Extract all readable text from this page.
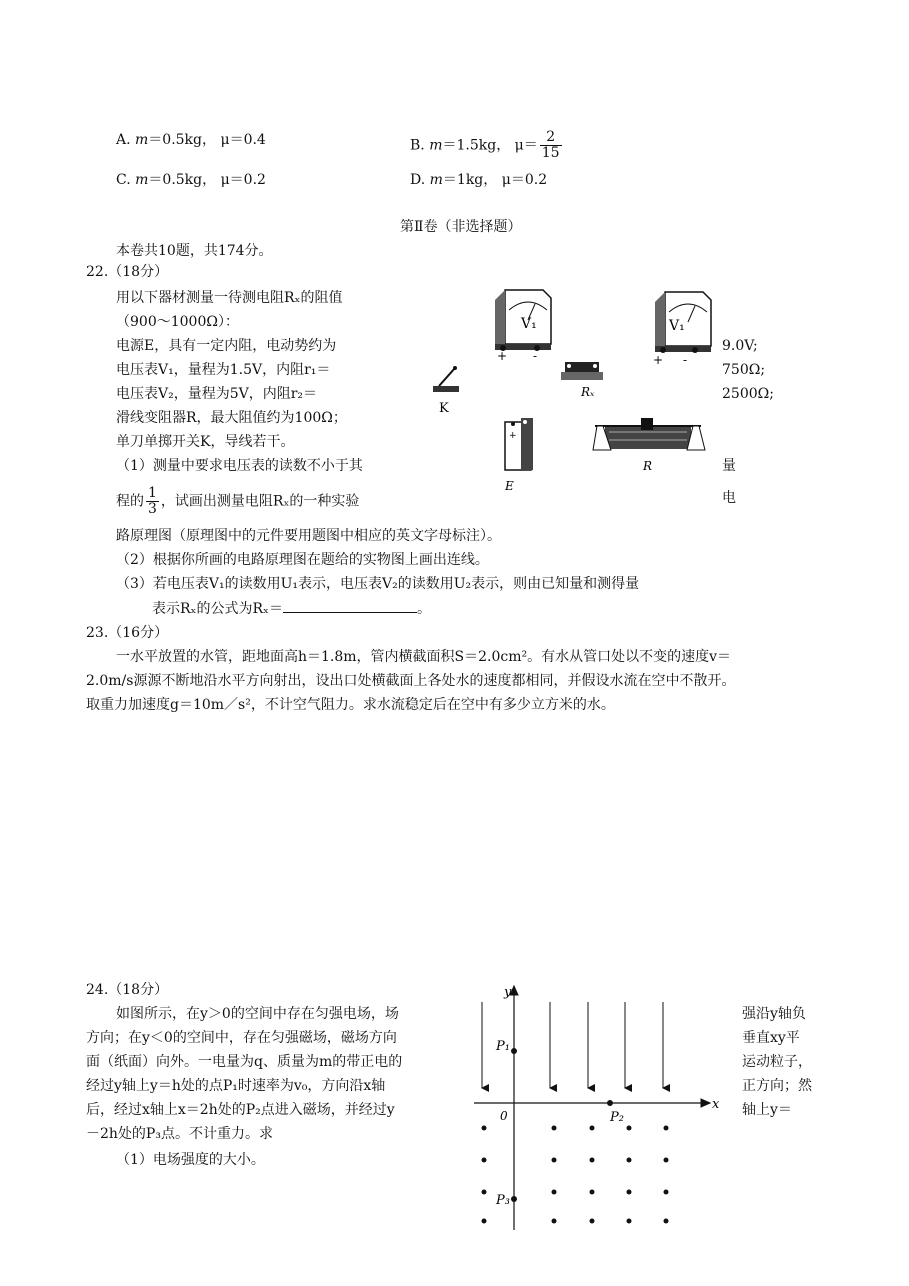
A. m＝0.5kg， μ＝0.4	B. m＝1.5kg， $\mu= \frac{2}{15}$
C. m＝0.5kg， μ＝0.2	D. m＝1kg， μ＝0.2
第Ⅱ卷（非选择题）
本卷共10题，共174分。
22.（18分）
用以下器材测量一待测电阻Rₓ的阻值
（900～1000Ω）：
电源E，具有一定内阻，电动势约为
电压表V₁，量程为1.5V，内阻r₁＝
电压表V₂，量程为5V，内阻r₂＝
滑线变阻器R，最大阻值约为100Ω；
单刀单掷开关K，导线若干。
（1）测量中要求电压表的读数不小于其
程的 $\frac{1}{3}$ ，试画出测量电阻Rₓ的一种实验
路原理图（原理图中的元件要用题图中相应的英文字母标注）。
（2）根据你所画的电路原理图在题给的实物图上画出连线。
（3）若电压表V₁的读数用U₁表示，电压表V₂的读数用U₂表示，则由已知量和测得量
表示Rₓ的公式为Rₓ＝	。
9.0V;
750Ω;
2500Ω;
量
电
V₁
+ -
V₁
+ -
Rₓ
K
+
E
R
23.（16分）
一水平放置的水管，距地面高h＝1.8m，管内横截面积S＝2.0cm²。有水从管口处以不变的速度v＝
2.0m/s源源不断地沿水平方向射出，设出口处横截面上各处水的速度都相同，并假设水流在空中不散开。
取重力加速度g＝10m／s²，不计空气阻力。求水流稳定后在空中有多少立方米的水。
24.（18分）
如图所示，在y＞0的空间中存在匀强电场，场
方向；在y＜0的空间中，存在匀强磁场，磁场方向
面（纸面）向外。一电量为q、质量为m的带正电的
经过y轴上y＝h处的点P₁时速率为v₀，方向沿x轴
后，经过x轴上x＝2h处的P₂点进入磁场，并经过y
－2h处的P₃点。不计重力。求
（1）电场强度的大小。
强沿y轴负
垂直xy平
运动粒子，
正方向；然
轴上y＝
y
x
0
P₁
P₂
P₃
